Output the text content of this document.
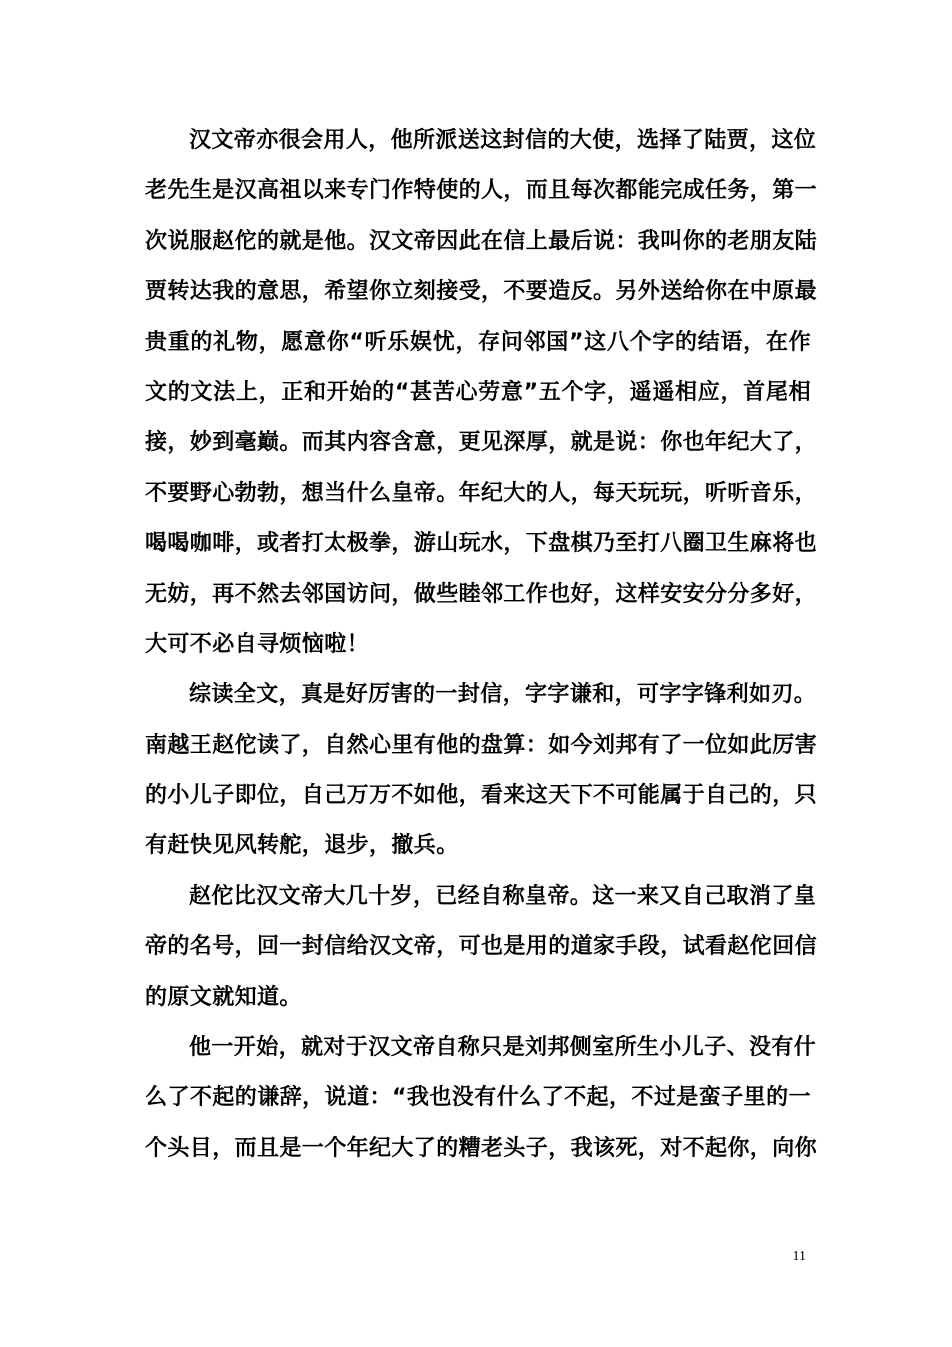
汉文帝亦很会用人，他所派送这封信的大使，选择了陆贾，这位
老先生是汉高祖以来专门作特使的人，而且每次都能完成任务，第一
次说服赵佗的就是他。汉文帝因此在信上最后说：我叫你的老朋友陆
贾转达我的意思，希望你立刻接受，不要造反。另外送给你在中原最
贵重的礼物，愿意你“听乐娱忧，存问邻国”这八个字的结语，在作
文的文法上，正和开始的“甚苦心劳意”五个字，遥遥相应，首尾相
接，妙到毫巅。而其内容含意，更见深厚，就是说：你也年纪大了，
不要野心勃勃，想当什么皇帝。年纪大的人，每天玩玩，听听音乐，
喝喝咖啡，或者打太极拳，游山玩水，下盘棋乃至打八圈卫生麻将也
无妨，再不然去邻国访问，做些睦邻工作也好，这样安安分分多好，
大可不必自寻烦恼啦！
综读全文，真是好厉害的一封信，字字谦和，可字字锋利如刃。
南越王赵佗读了，自然心里有他的盘算：如今刘邦有了一位如此厉害
的小儿子即位，自己万万不如他，看来这天下不可能属于自己的，只
有赶快见风转舵，退步，撤兵。
赵佗比汉文帝大几十岁，已经自称皇帝。这一来又自己取消了皇
帝的名号，回一封信给汉文帝，可也是用的道家手段，试看赵佗回信
的原文就知道。
他一开始，就对于汉文帝自称只是刘邦侧室所生小儿子、没有什
么了不起的谦辞，说道：“我也没有什么了不起，不过是蛮子里的一
个头目，而且是一个年纪大了的糟老头子，我该死，对不起你，向你
11
